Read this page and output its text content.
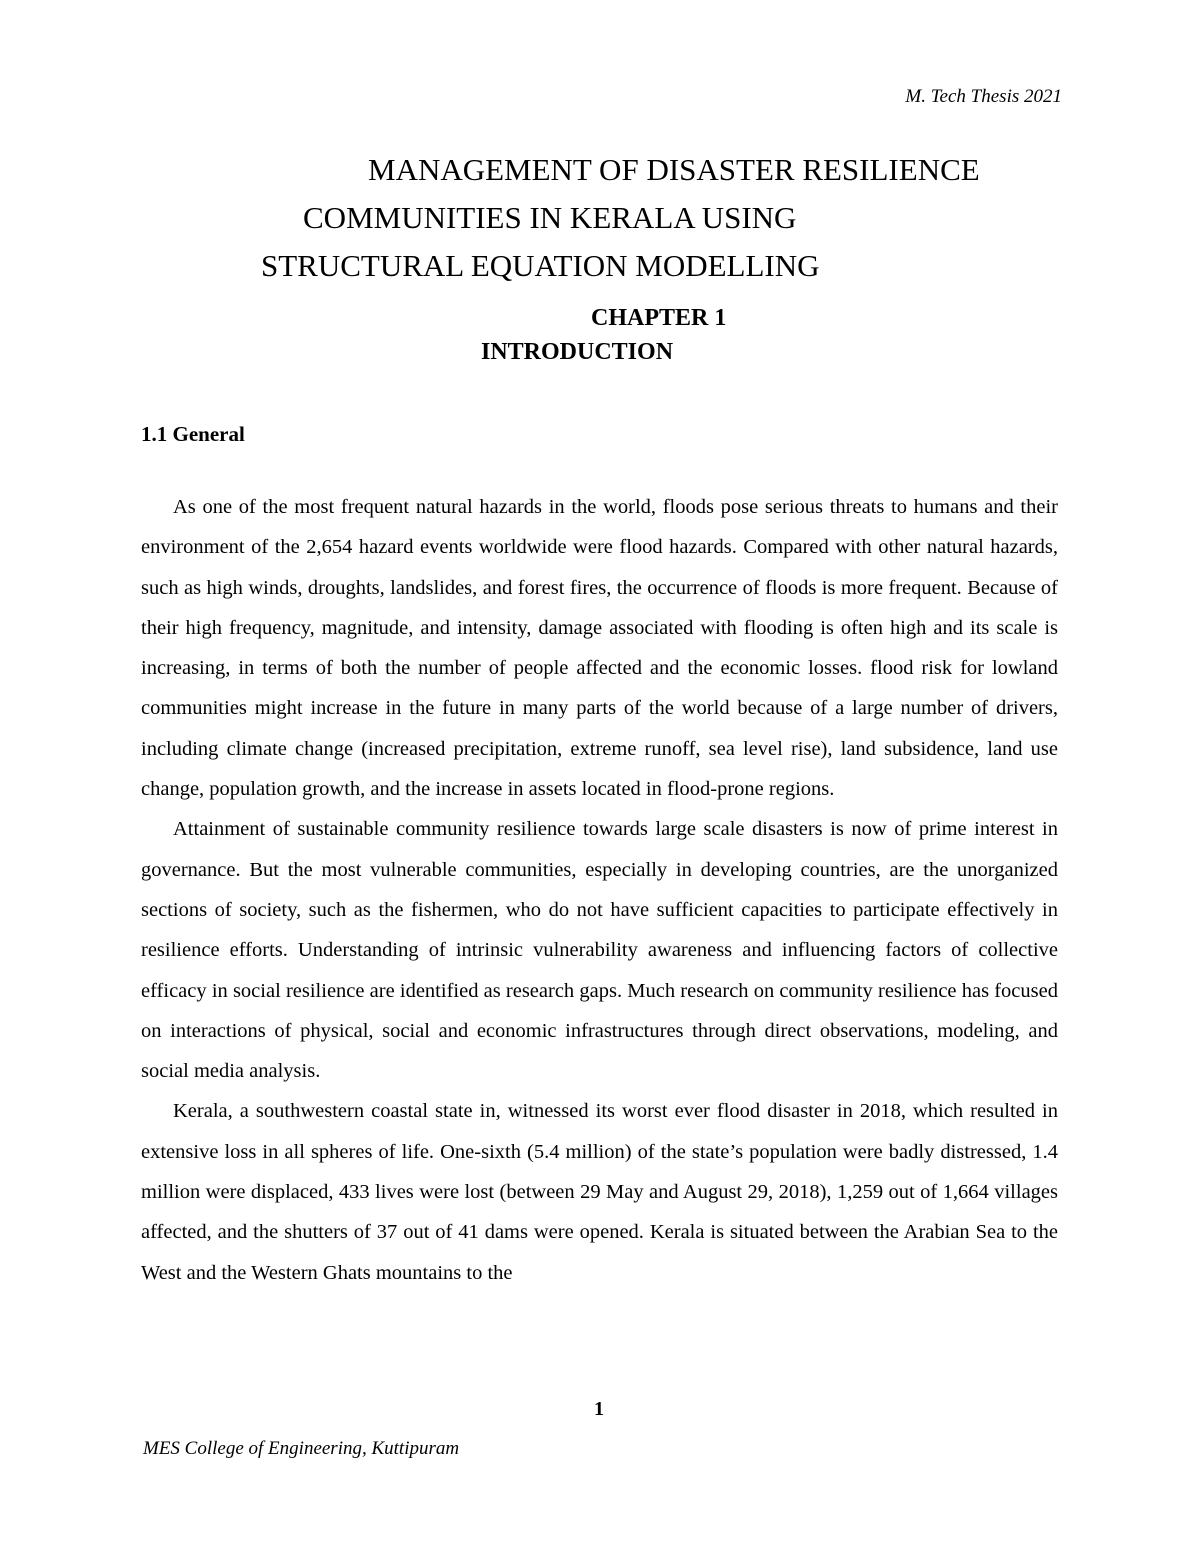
M. Tech Thesis 2021
MANAGEMENT OF DISASTER RESILIENCE
COMMUNITIES IN KERALA USING
STRUCTURAL EQUATION MODELLING
CHAPTER 1
INTRODUCTION
1.1 General

As one of the most frequent natural hazards in the world, floods pose serious threats to humans and their environment of the 2,654 hazard events worldwide were flood hazards. Compared with other natural hazards, such as high winds, droughts, landslides, and forest fires, the occurrence of floods is more frequent. Because of their high frequency, magnitude, and intensity, damage associated with flooding is often high and its scale is increasing, in terms of both the number of people affected and the economic losses. flood risk for lowland communities might increase in the future in many parts of the world because of a large number of drivers, including climate change (increased precipitation, extreme runoff, sea level rise), land subsidence, land use change, population growth, and the increase in assets located in flood-prone regions.

Attainment of sustainable community resilience towards large scale disasters is now of prime interest in governance. But the most vulnerable communities, especially in developing countries, are the unorganized sections of society, such as the fishermen, who do not have sufficient capacities to participate effectively in resilience efforts. Understanding of intrinsic vulnerability awareness and influencing factors of collective efficacy in social resilience are identified as research gaps. Much research on community resilience has focused on interactions of physical, social and economic infrastructures through direct observations, modeling, and social media analysis.

Kerala, a southwestern coastal state in, witnessed its worst ever flood disaster in 2018, which resulted in extensive loss in all spheres of life. One-sixth (5.4 million) of the state’s population were badly distressed, 1.4 million were displaced, 433 lives were lost (between 29 May and August 29, 2018), 1,259 out of 1,664 villages affected, and the shutters of 37 out of 41 dams were opened. Kerala is situated between the Arabian Sea to the West and the Western Ghats mountains to the

1
MES College of Engineering, Kuttipuram
